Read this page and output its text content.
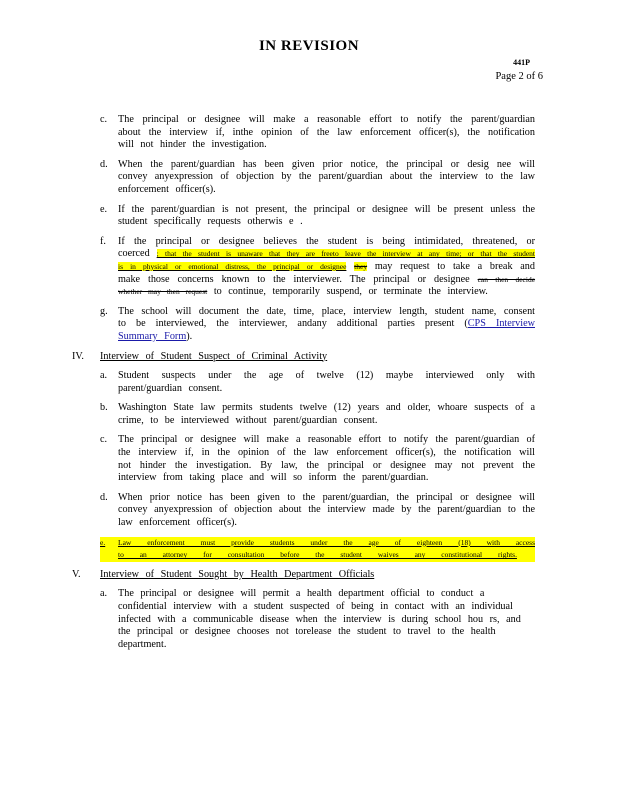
IN REVISION
441P
Page 2 of 6
c. The principal or designee will make a reasonable effort to notify the parent/guardian about the interview if, inthe opinion of the law enforcement officer(s), the notification will not hinder the investigation.
d. When the parent/guardian has been given prior notice, the principal or desig nee will convey anyexpression of objection by the parent/guardian about the interview to the law enforcement officer(s).
e. If the parent/guardian is not present, the principal or designee will be present unless the student specifically requests otherwis e .
f. If the principal or designee believes the student is being intimidated, threatened, or coerced ; that the student is unaware that they are freeto leave the interview at any time; or that the student is in physical or emotional distress, the principal or designee they may request to take a break and make those concerns known to the interviewer. The principal or designee can then decide whether may then request to continue, temporarily suspend, or terminate the interview.
g. The school will document the date, time, place, interview length, student name, consent to be interviewed, the interviewer, andany additional parties present (CPS Interview Summary Form).
IV. Interview of Student Suspect of Criminal Activity
a. Student suspects under the age of twelve (12) maybe interviewed only with parent/guardian consent.
b. Washington State law permits students twelve (12) years and older, whoare suspects of a crime, to be interviewed without parent/guardian consent.
c. The principal or designee will make a reasonable effort to notify the parent/guardian of the interview if, in the opinion of the law enforcement officer(s), the notification will not hinder the investigation. By law, the principal or designee may not prevent the interview from taking place and will so inform the parent/guardian.
d. When prior notice has been given to the parent/guardian, the principal or designee will convey anyexpression of objection about the interview made by the parent/guardian to the law enforcement officer(s).
e. Law enforcement must provide students under the age of eighteen (18) with access to an attorney for consultation before the student waives any constitutional rights.
V. Interview of Student Sought by Health Department Officials
a. The principal or designee will permit a health department official to conduct a confidential interview with a student suspected of being in contact with an individual infected with a communicable disease when the interview is during school hou rs, and the principal or designee chooses not torelease the student to travel to the health department.
